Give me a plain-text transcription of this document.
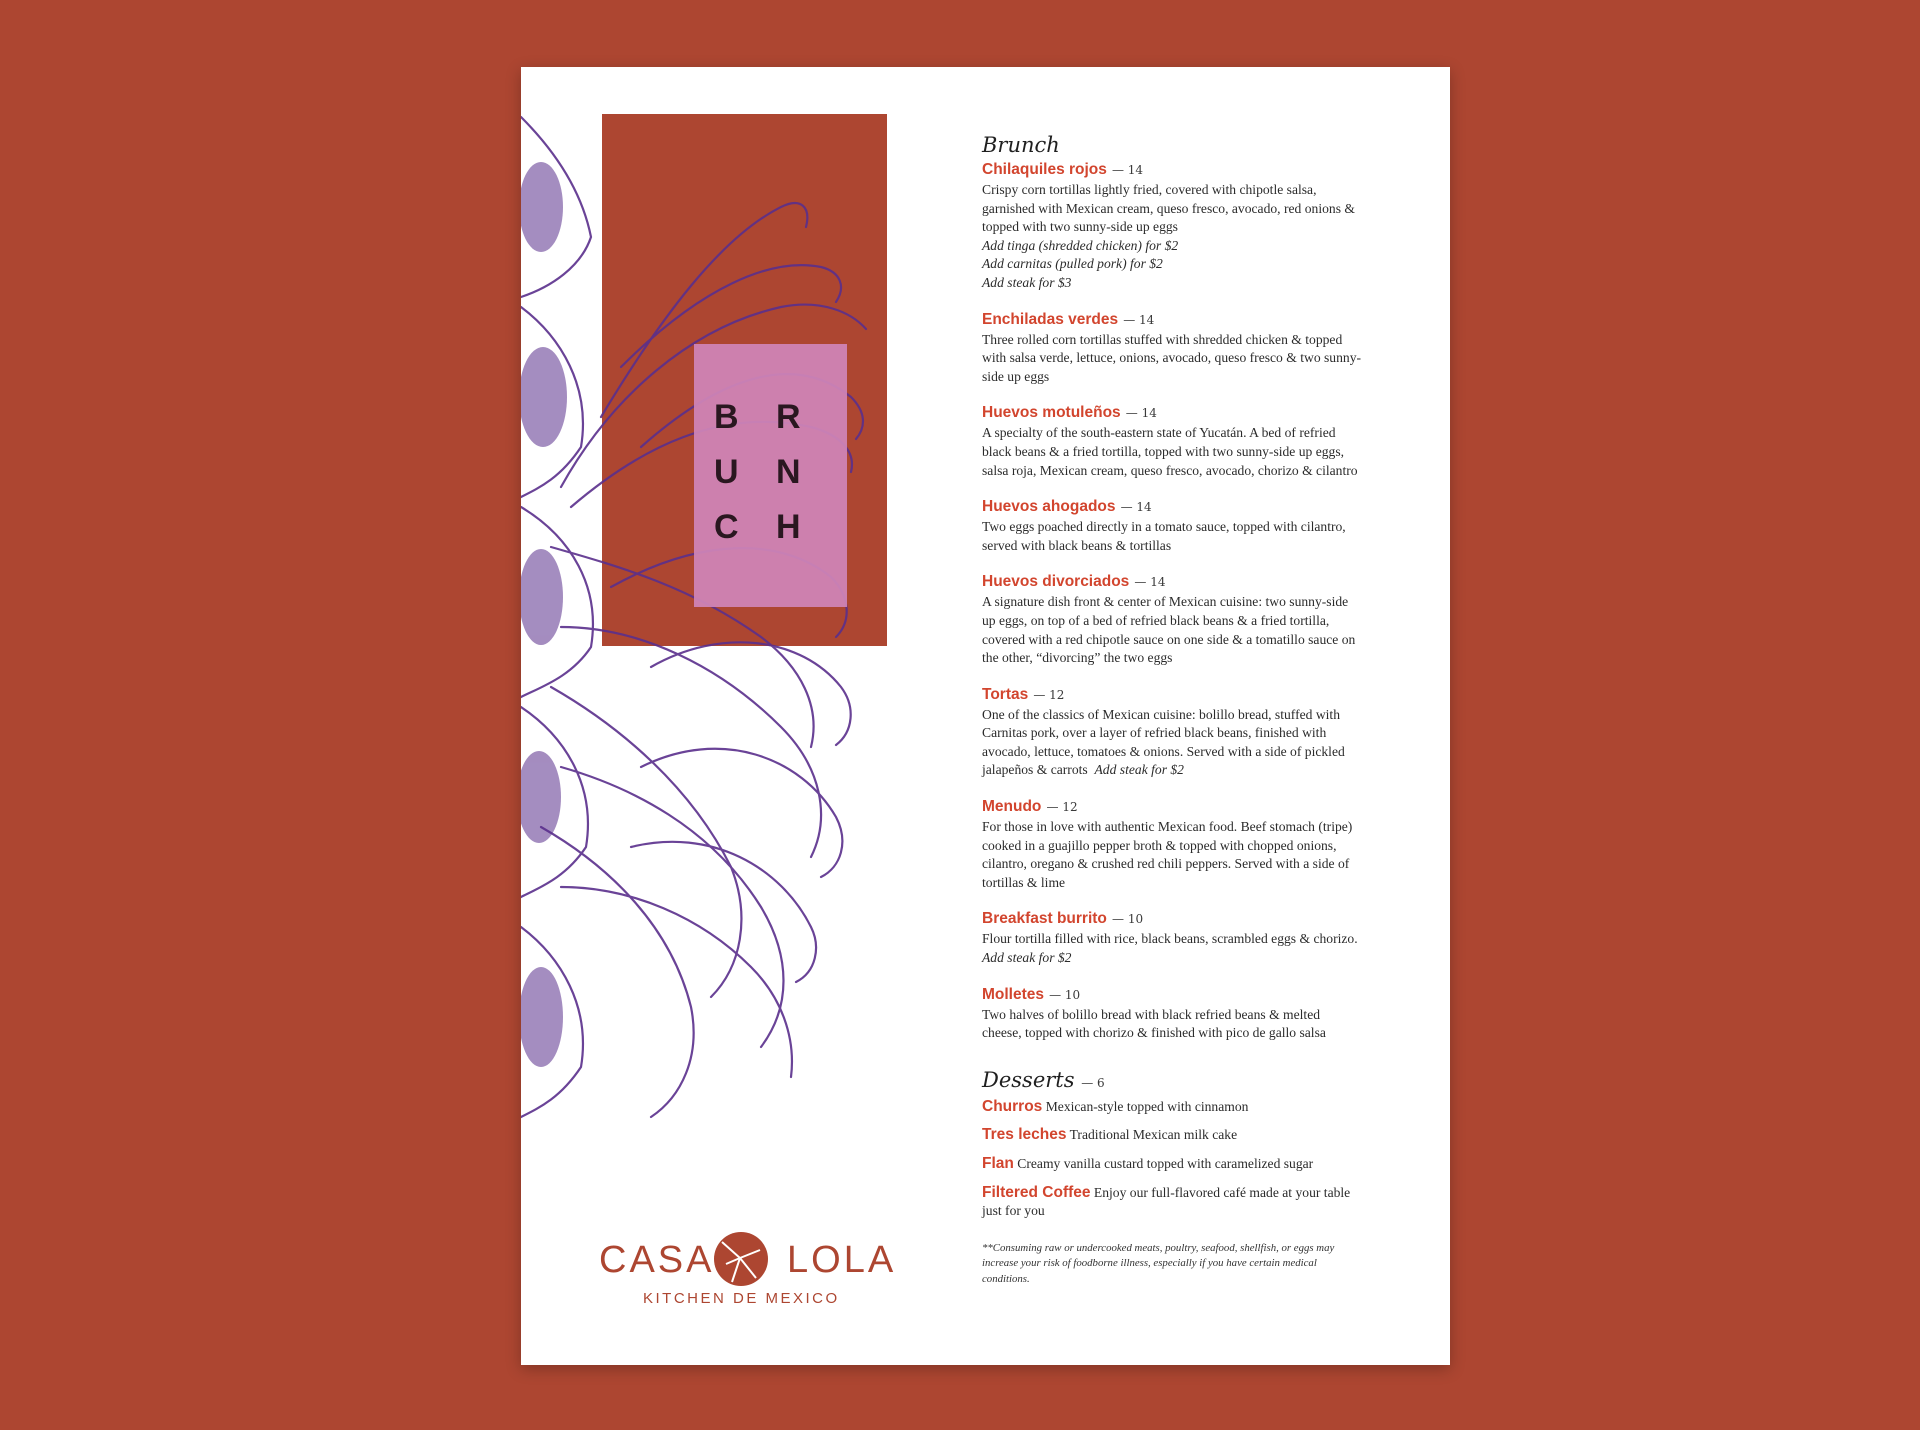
B	R
U	N
C	H
CASA LOLA
KITCHEN DE MEXICO
Brunch
Chilaquiles rojos — 14
Crispy corn tortillas lightly fried, covered with chipotle salsa, garnished with Mexican cream, queso fresco, avocado, red onions & topped with two sunny-side up eggs
Add tinga (shredded chicken) for $2
Add carnitas (pulled pork) for $2
Add steak for $3
Enchiladas verdes — 14
Three rolled corn tortillas stuffed with shredded chicken & topped with salsa verde, lettuce, onions, avocado, queso fresco & two sunny-side up eggs
Huevos motuleños — 14
A specialty of the south-eastern state of Yucatán. A bed of refried black beans & a fried tortilla, topped with two sunny-side up eggs, salsa roja, Mexican cream, queso fresco, avocado, chorizo & cilantro
Huevos ahogados — 14
Two eggs poached directly in a tomato sauce, topped with cilantro, served with black beans & tortillas
Huevos divorciados — 14
A signature dish front & center of Mexican cuisine: two sunny-side up eggs, on top of a bed of refried black beans & a fried tortilla, covered with a red chipotle sauce on one side & a tomatillo sauce on the other, “divorcing” the two eggs
Tortas — 12
One of the classics of Mexican cuisine: bolillo bread, stuffed with Carnitas pork, over a layer of refried black beans, finished with avocado, lettuce, tomatoes & onions. Served with a side of pickled jalapeños & carrots Add steak for $2
Menudo — 12
For those in love with authentic Mexican food. Beef stomach (tripe) cooked in a guajillo pepper broth & topped with chopped onions, cilantro, oregano & crushed red chili peppers. Served with a side of tortillas & lime
Breakfast burrito — 10
Flour tortilla filled with rice, black beans, scrambled eggs & chorizo. Add steak for $2
Molletes — 10
Two halves of bolillo bread with black refried beans & melted cheese, topped with chorizo & finished with pico de gallo salsa
Desserts — 6
Churros Mexican-style topped with cinnamon
Tres leches Traditional Mexican milk cake
Flan Creamy vanilla custard topped with caramelized sugar
Filtered Coffee Enjoy our full-flavored café made at your table just for you
**Consuming raw or undercooked meats, poultry, seafood, shellfish, or eggs may increase your risk of foodborne illness, especially if you have certain medical conditions.
